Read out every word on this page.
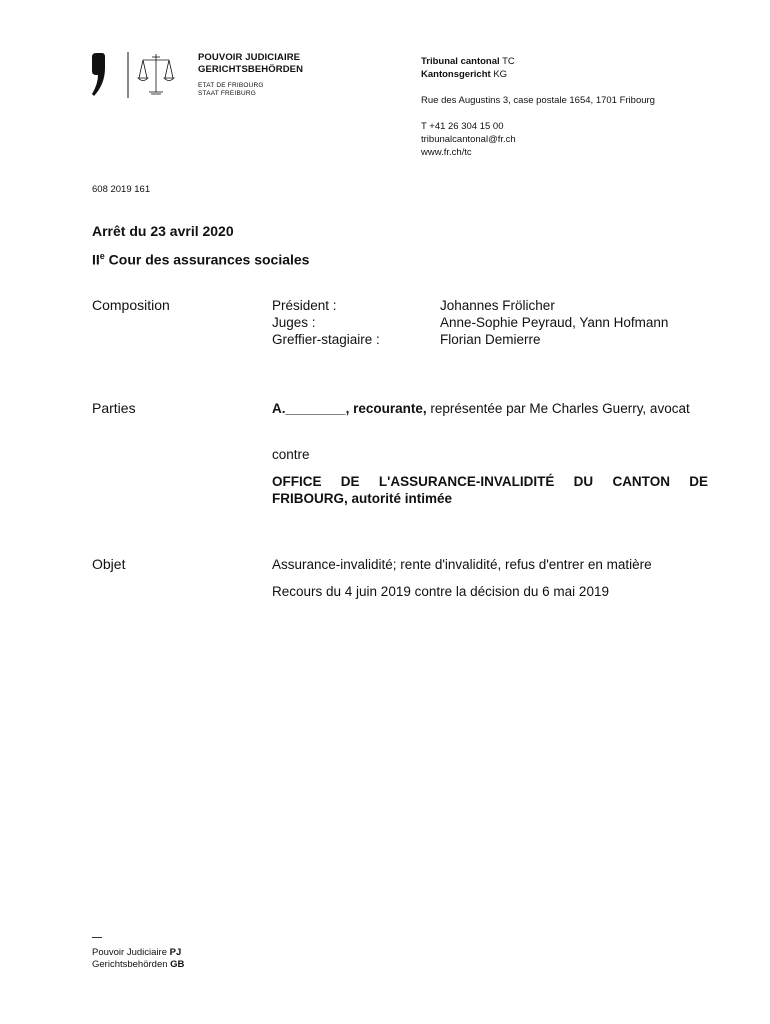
POUVOIR JUDICIAIRE
GERICHTSBEHÖRDEN
ETAT DE FRIBOURG
STAAT FREIBURG
Tribunal cantonal TC
Kantonsgericht KG
Rue des Augustins 3, case postale 1654, 1701 Fribourg
T +41 26 304 15 00
tribunalcantonal@fr.ch
www.fr.ch/tc
608 2019 161
Arrêt du 23 avril 2020
IIe Cour des assurances sociales
Composition	Président :	Johannes Frölicher
Juges :	Anne-Sophie Peyraud, Yann Hofmann
Greffier-stagiaire :	Florian Demierre
Parties	A.________, recourante, représentée par Me Charles Guerry, avocat
contre
OFFICE DE L'ASSURANCE-INVALIDITÉ DU CANTON DE FRIBOURG, autorité intimée
Objet	Assurance-invalidité; rente d'invalidité, refus d'entrer en matière
Recours du 4 juin 2019 contre la décision du 6 mai 2019
Pouvoir Judiciaire PJ
Gerichtsbehörden GB
